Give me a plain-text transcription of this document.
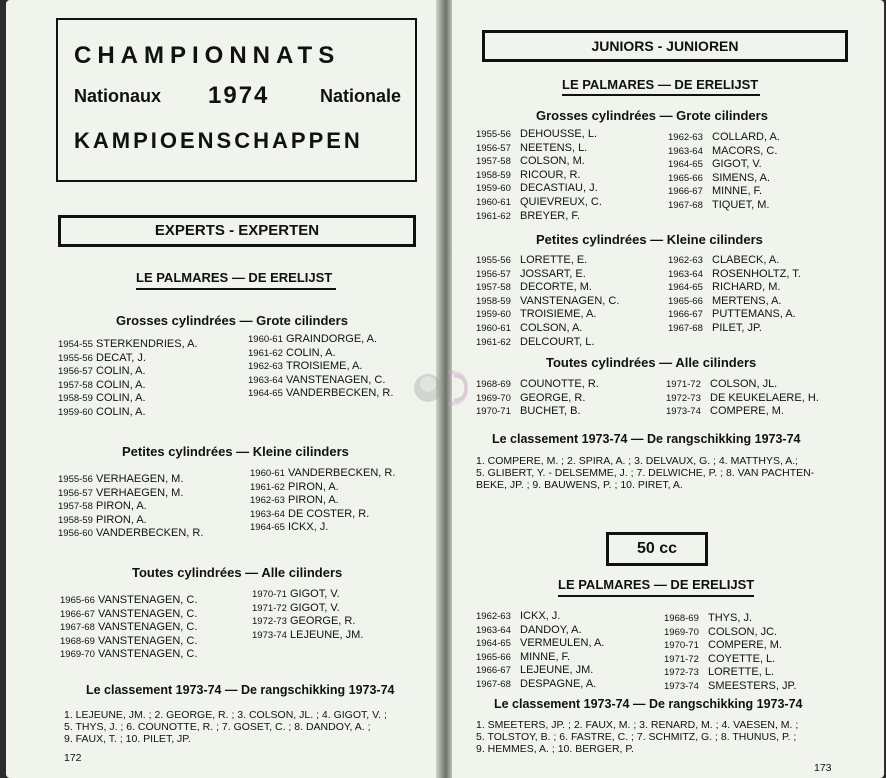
CHAMPIONNATS
Nationaux 1974	Nationale
KAMPIOENSCHAPPEN
EXPERTS - EXPERTEN
LE PALMARES — DE ERELIJST
Grosses cylindrées — Grote cilinders
1954-55 STERKENDRIES, A.
1955-56 DECAT, J.
1956-57 COLIN, A.
1957-58 COLIN, A.
1958-59 COLIN, A.
1959-60 COLIN, A.
1960-61 GRAINDORGE, A.
1961-62 COLIN, A.
1962-63 TROISIEME, A.
1963-64 VANSTENAGEN, C.
1964-65 VANDERBECKEN, R.
Petites cylindrées — Kleine cilinders
1955-56 VERHAEGEN, M.
1956-57 VERHAEGEN, M.
1957-58 PIRON, A.
1958-59 PIRON, A.
1956-60 VANDERBECKEN, R.
1960-61 VANDERBECKEN, R.
1961-62 PIRON, A.
1962-63 PIRON, A.
1963-64 DE COSTER, R.
1964-65 ICKX, J.
Toutes cylindrées — Alle cilinders
1965-66 VANSTENAGEN, C.
1966-67 VANSTENAGEN, C.
1967-68 VANSTENAGEN, C.
1968-69 VANSTENAGEN, C.
1969-70 VANSTENAGEN, C.
1970-71 GIGOT, V.
1971-72 GIGOT, V.
1972-73 GEORGE, R.
1973-74 LEJEUNE, JM.
Le classement 1973-74 — De rangschikking 1973-74
1. LEJEUNE, JM. ; 2. GEORGE, R. ; 3. COLSON, JL. ; 4. GIGOT, V. ;
5. THYS, J. ; 6. COUNOTTE, R. ; 7. GOSET, C. ; 8. DANDOY, A. ;
9. FAUX, T. ; 10. PILET, JP.
172
JUNIORS - JUNIOREN
LE PALMARES — DE ERELIJST
Grosses cylindrées — Grote cilinders
1955-56 DEHOUSSE, L.
1956-57 NEETENS, L.
1957-58 COLSON, M.
1958-59 RICOUR, R.
1959-60 DECASTIAU, J.
1960-61 QUIEVREUX, C.
1961-62 BREYER, F.
1962-63 COLLARD, A.
1963-64 MACORS, C.
1964-65 GIGOT, V.
1965-66 SIMENS, A.
1966-67 MINNE, F.
1967-68 TIQUET, M.
Petites cylindrées — Kleine cilinders
1955-56 LORETTE, E.
1956-57 JOSSART, E.
1957-58 DECORTE, M.
1958-59 VANSTENAGEN, C.
1959-60 TROISIEME, A.
1960-61 COLSON, A.
1961-62 DELCOURT, L.
1962-63 CLABECK, A.
1963-64 ROSENHOLTZ, T.
1964-65 RICHARD, M.
1965-66 MERTENS, A.
1966-67 PUTTEMANS, A.
1967-68 PILET, JP.
Toutes cylindrées — Alle cilinders
1968-69 COUNOTTE, R.
1969-70 GEORGE, R.
1970-71 BUCHET, B.
1971-72 COLSON, JL.
1972-73 DE KEUKELAERE, H.
1973-74 COMPERE, M.
Le classement 1973-74 — De rangschikking 1973-74
1. COMPERE, M. ; 2. SPIRA, A. ; 3. DELVAUX, G. ; 4. MATTHYS, A.;
5. GLIBERT, Y. - DELSEMME, J. ; 7. DELWICHE, P. ; 8. VAN PACHTEN-
BEKE, JP. ; 9. BAUWENS, P. ; 10. PIRET, A.
50 cc
LE PALMARES — DE ERELIJST
1962-63 ICKX, J.
1963-64 DANDOY, A.
1964-65 VERMEULEN, A.
1965-66 MINNE, F.
1966-67 LEJEUNE, JM.
1967-68 DESPAGNE, A.
1968-69 THYS, J.
1969-70 COLSON, JC.
1970-71 COMPERE, M.
1971-72 COYETTE, L.
1972-73 LORETTE, L.
1973-74 SMEESTERS, JP.
Le classement 1973-74 — De rangschikking 1973-74
1. SMEETERS, JP. ; 2. FAUX, M. ; 3. RENARD, M. ; 4. VAESEN, M. ;
5. TOLSTOY, B. ; 6. FASTRE, C. ; 7. SCHMITZ, G. ; 8. THUNUS, P. ;
9. HEMMES, A. ; 10. BERGER, P.
173
